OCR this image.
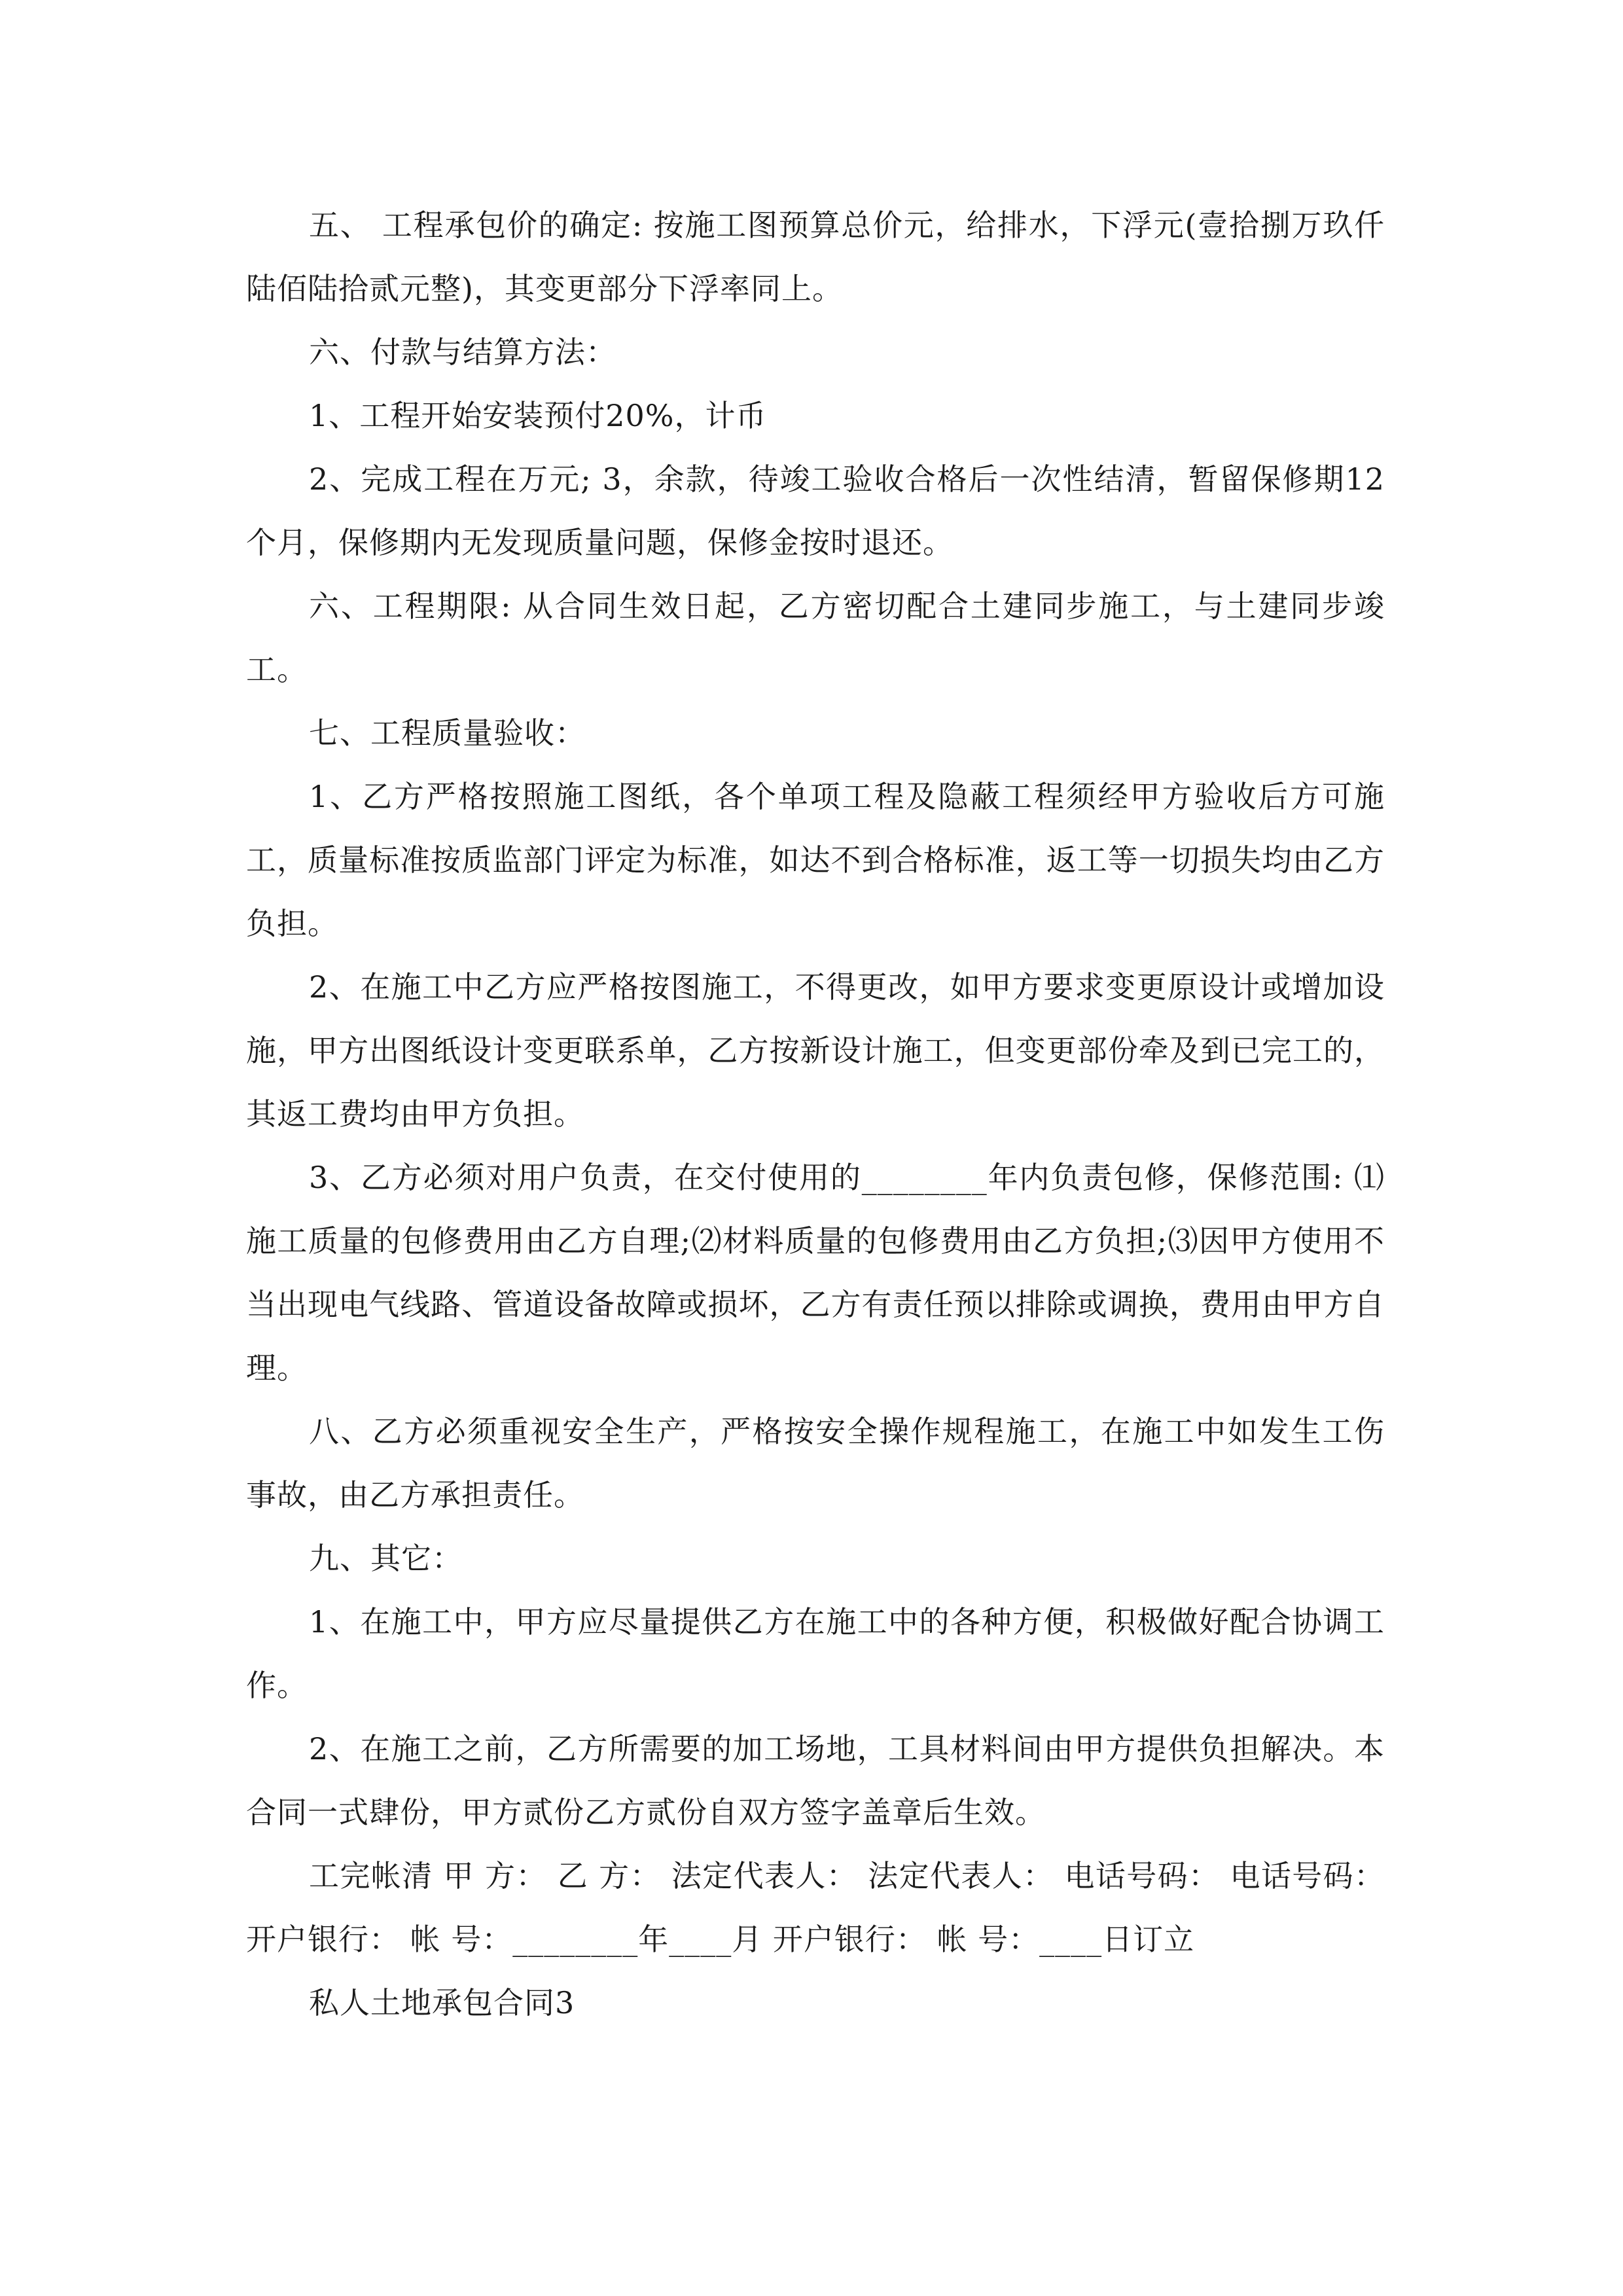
五、 工程承包价的确定: 按施工图预算总价元，给排水，下浮元(壹拾捌万玖仟陆佰陆拾贰元整)，其变更部分下浮率同上。

六、付款与结算方法：

1、工程开始安装预付20%，计币

2、完成工程在万元; 3，余款，待竣工验收合格后一次性结清，暂留保修期12个月，保修期内无发现质量问题，保修金按时退还。

六、工程期限: 从合同生效日起，乙方密切配合土建同步施工，与土建同步竣工。

七、工程质量验收：

1、乙方严格按照施工图纸，各个单项工程及隐蔽工程须经甲方验收后方可施工，质量标准按质监部门评定为标准，如达不到合格标准，返工等一切损失均由乙方负担。

2、在施工中乙方应严格按图施工，不得更改，如甲方要求变更原设计或增加设施，甲方出图纸设计变更联系单，乙方按新设计施工，但变更部份牵及到已完工的，其返工费均由甲方负担。

3、乙方必须对用户负责，在交付使用的________年内负责包修，保修范围: ⑴施工质量的包修费用由乙方自理;⑵材料质量的包修费用由乙方负担;⑶因甲方使用不当出现电气线路、管道设备故障或损坏，乙方有责任预以排除或调换，费用由甲方自理。

八、乙方必须重视安全生产，严格按安全操作规程施工，在施工中如发生工伤事故，由乙方承担责任。

九、其它：

1、在施工中，甲方应尽量提供乙方在施工中的各种方便，积极做好配合协调工作。

2、在施工之前，乙方所需要的加工场地，工具材料间由甲方提供负担解决。本合同一式肆份，甲方贰份乙方贰份自双方签字盖章后生效。

工完帐清 甲 方： 乙 方： 法定代表人： 法定代表人： 电话号码： 电话号码： 开户银行： 帐 号：________年____月 开户银行： 帐 号：____日订立

私人土地承包合同3
